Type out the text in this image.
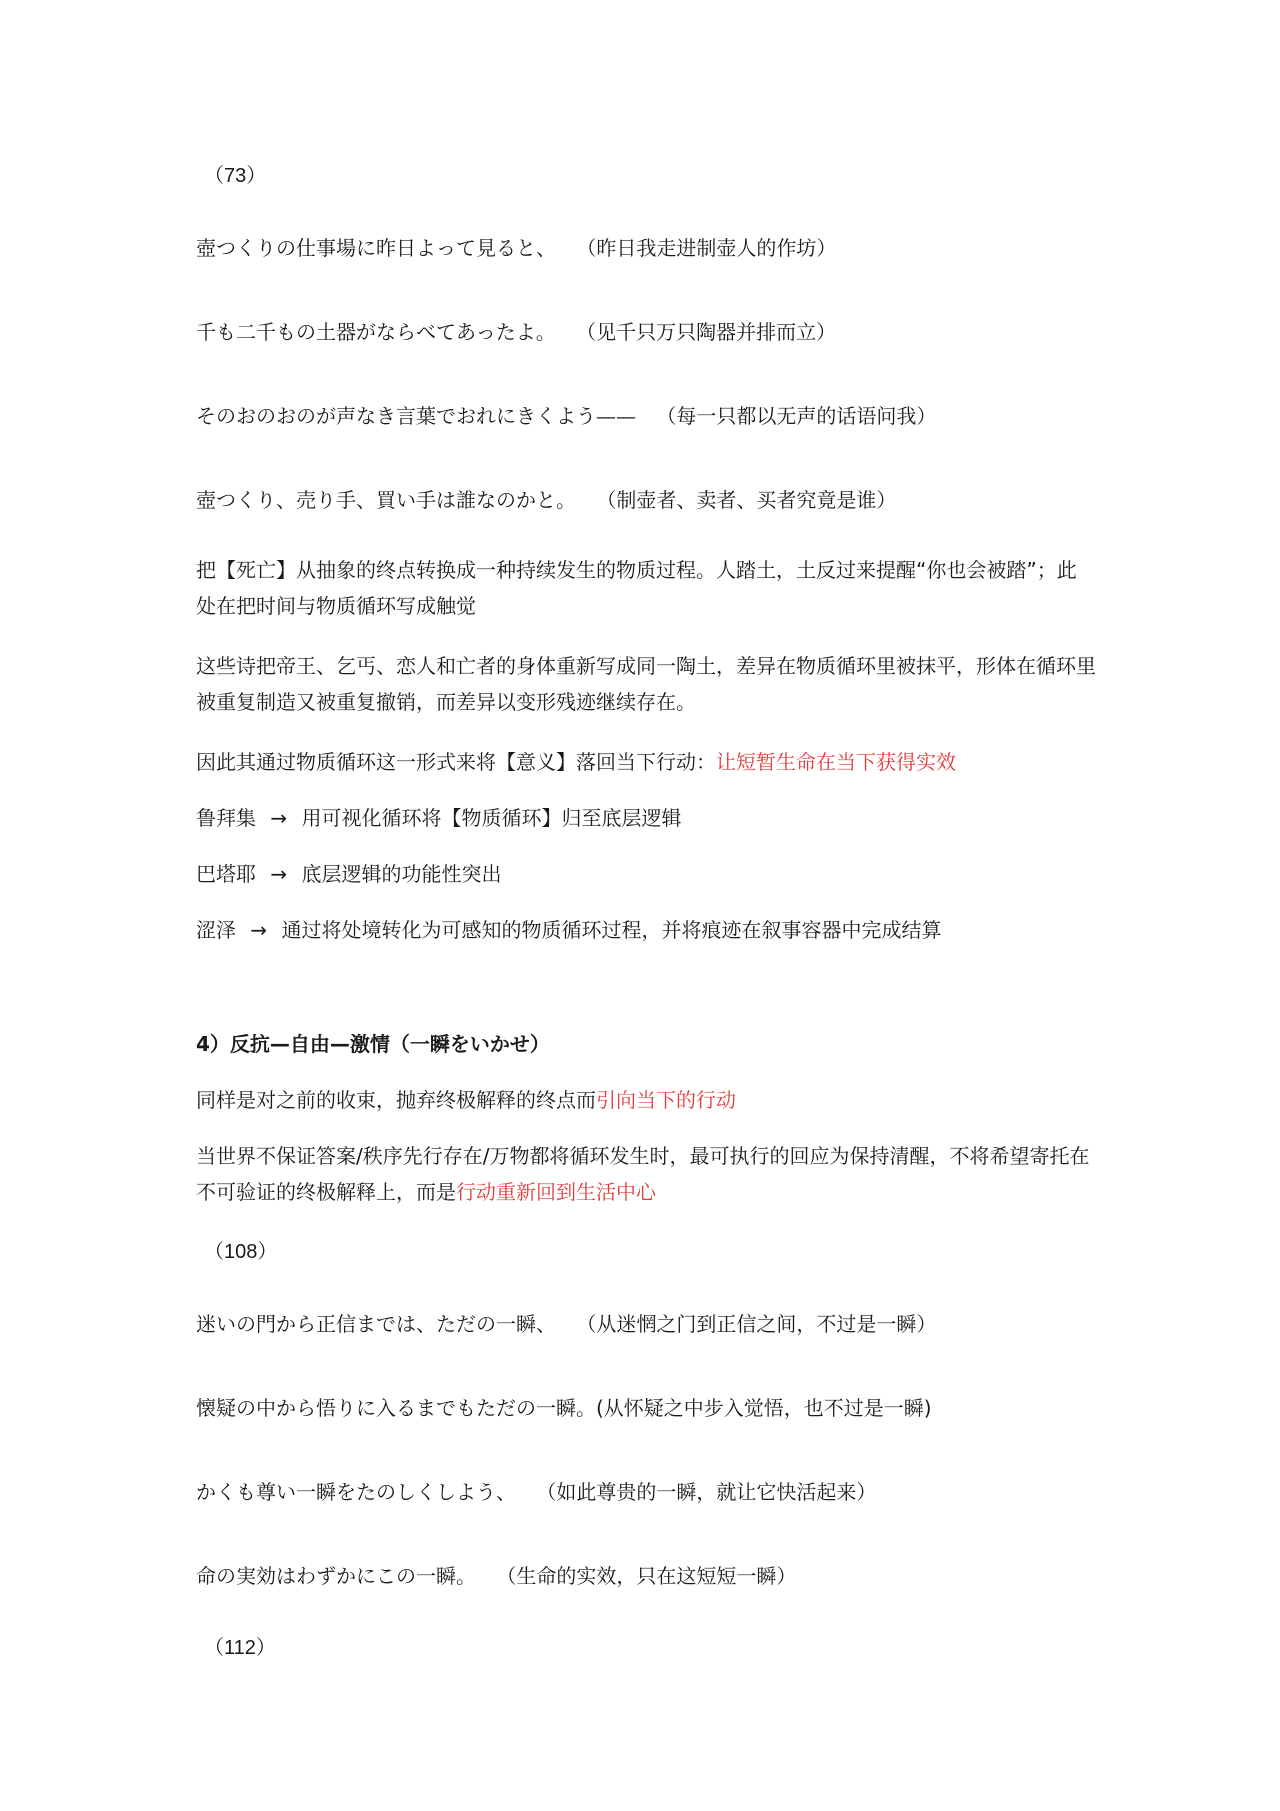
（73）
壺つくりの仕事場に昨日よって見ると、 （昨日我走进制壶人的作坊）
千も二千もの土器がならべてあったよ。 （见千只万只陶器并排而立）
そのおのおのが声なき言葉でおれにきくよう—— （每一只都以无声的话语问我）
壺つくり、売り手、買い手は誰なのかと。 （制壶者、卖者、买者究竟是谁）
把【死亡】从抽象的终点转换成一种持续发生的物质过程。人踏土，土反过来提醒“你也会被踏”；此处在把时间与物质循环写成触觉
这些诗把帝王、乞丐、恋人和亡者的身体重新写成同一陶土，差异在物质循环里被抹平，形体在循环里被重复制造又被重复撤销，而差异以变形残迹继续存在。
因此其通过物质循环这一形式来将【意义】落回当下行动：让短暂生命在当下获得实效
鲁拜集 → 用可视化循环将【物质循环】归至底层逻辑
巴塔耶 → 底层逻辑的功能性突出
涩泽 → 通过将处境转化为可感知的物质循环过程，并将痕迹在叙事容器中完成结算
4）反抗—自由—激情（一瞬をいかせ）
同样是对之前的收束，抛弃终极解释的终点而引向当下的行动
当世界不保证答案/秩序先行存在/万物都将循环发生时，最可执行的回应为保持清醒，不将希望寄托在不可验证的终极解释上，而是行动重新回到生活中心
（108）
迷いの門から正信までは、ただの一瞬、 （从迷惘之门到正信之间，不过是一瞬）
懐疑の中から悟りに入るまでもただの一瞬。(从怀疑之中步入觉悟，也不过是一瞬)
かくも尊い一瞬をたのしくしよう、 （如此尊贵的一瞬，就让它快活起来）
命の実効はわずかにこの一瞬。 （生命的实效，只在这短短一瞬）
（112）
